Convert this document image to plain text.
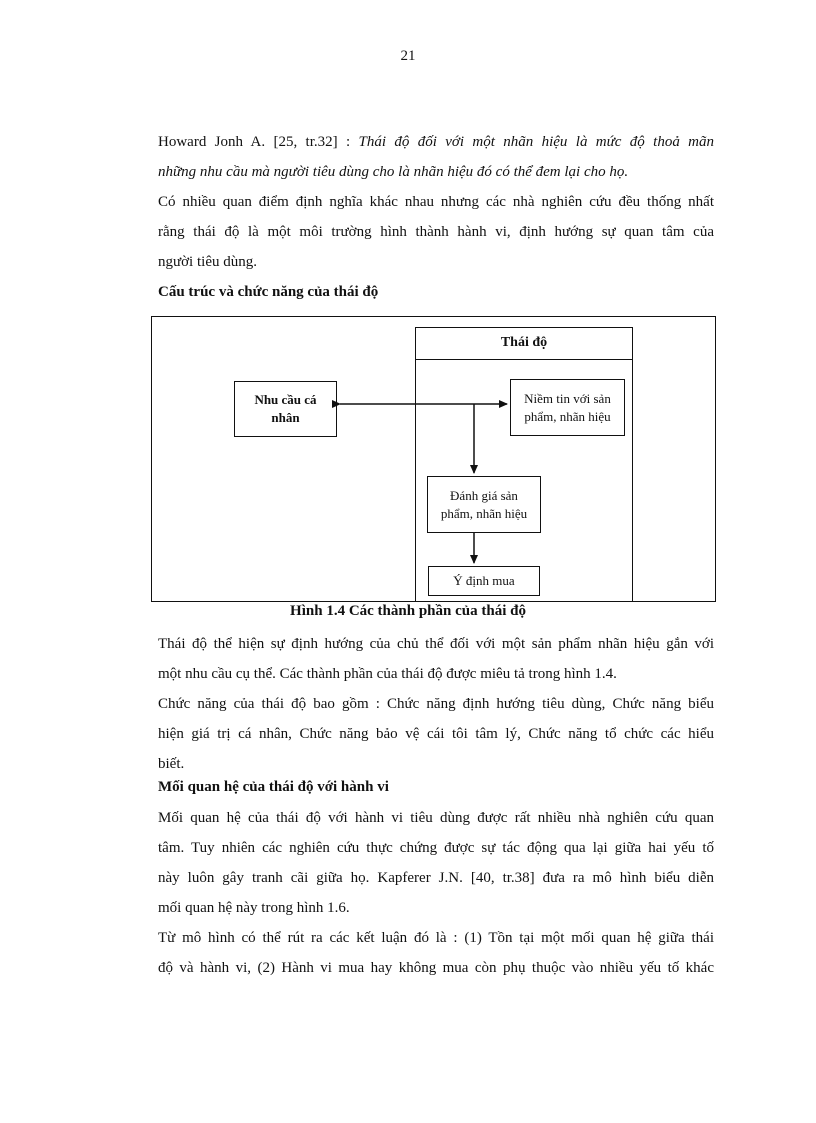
21
Howard Jonh A. [25, tr.32] : Thái độ đối với một nhãn hiệu là mức độ thoả mãn
những nhu cầu mà người tiêu dùng cho là nhãn hiệu đó có thể đem lại cho họ.
Có nhiều quan điểm định nghĩa khác nhau nhưng các nhà nghiên cứu đều thống nhất
rằng thái độ là một môi trường hình thành hành vi, định hướng sự quan tâm của
người tiêu dùng.
Cấu trúc và chức năng của thái độ
Thái độ
Nhu cầu cá
nhân
Niềm tin với sản
phẩm, nhãn hiệu
Đánh giá sản
phẩm, nhãn hiệu
Ý định mua
Hình 1.4 Các thành phần của thái độ
Thái độ thể hiện sự định hướng của chủ thể đối với một sản phẩm nhãn hiệu gắn với
một nhu cầu cụ thể. Các thành phần của thái độ được miêu tả trong hình 1.4.
Chức năng của thái độ bao gồm : Chức năng định hướng tiêu dùng, Chức năng biểu
hiện giá trị cá nhân, Chức năng bảo vệ cái tôi tâm lý, Chức năng tổ chức các hiểu
biết.
Mối quan hệ của thái độ với hành vi
Mối quan hệ của thái độ với hành vi tiêu dùng được rất nhiều nhà nghiên cứu quan
tâm. Tuy nhiên các nghiên cứu thực chứng được sự tác động qua lại giữa hai yếu tố
này luôn gây tranh cãi giữa họ. Kapferer J.N. [40, tr.38] đưa ra mô hình biểu diễn
mối quan hệ này trong hình 1.6.
Từ mô hình có thể rút ra các kết luận đó là : (1) Tồn tại một mối quan hệ giữa thái
độ và hành vi, (2) Hành vi mua hay không mua còn phụ thuộc vào nhiều yếu tố khác
